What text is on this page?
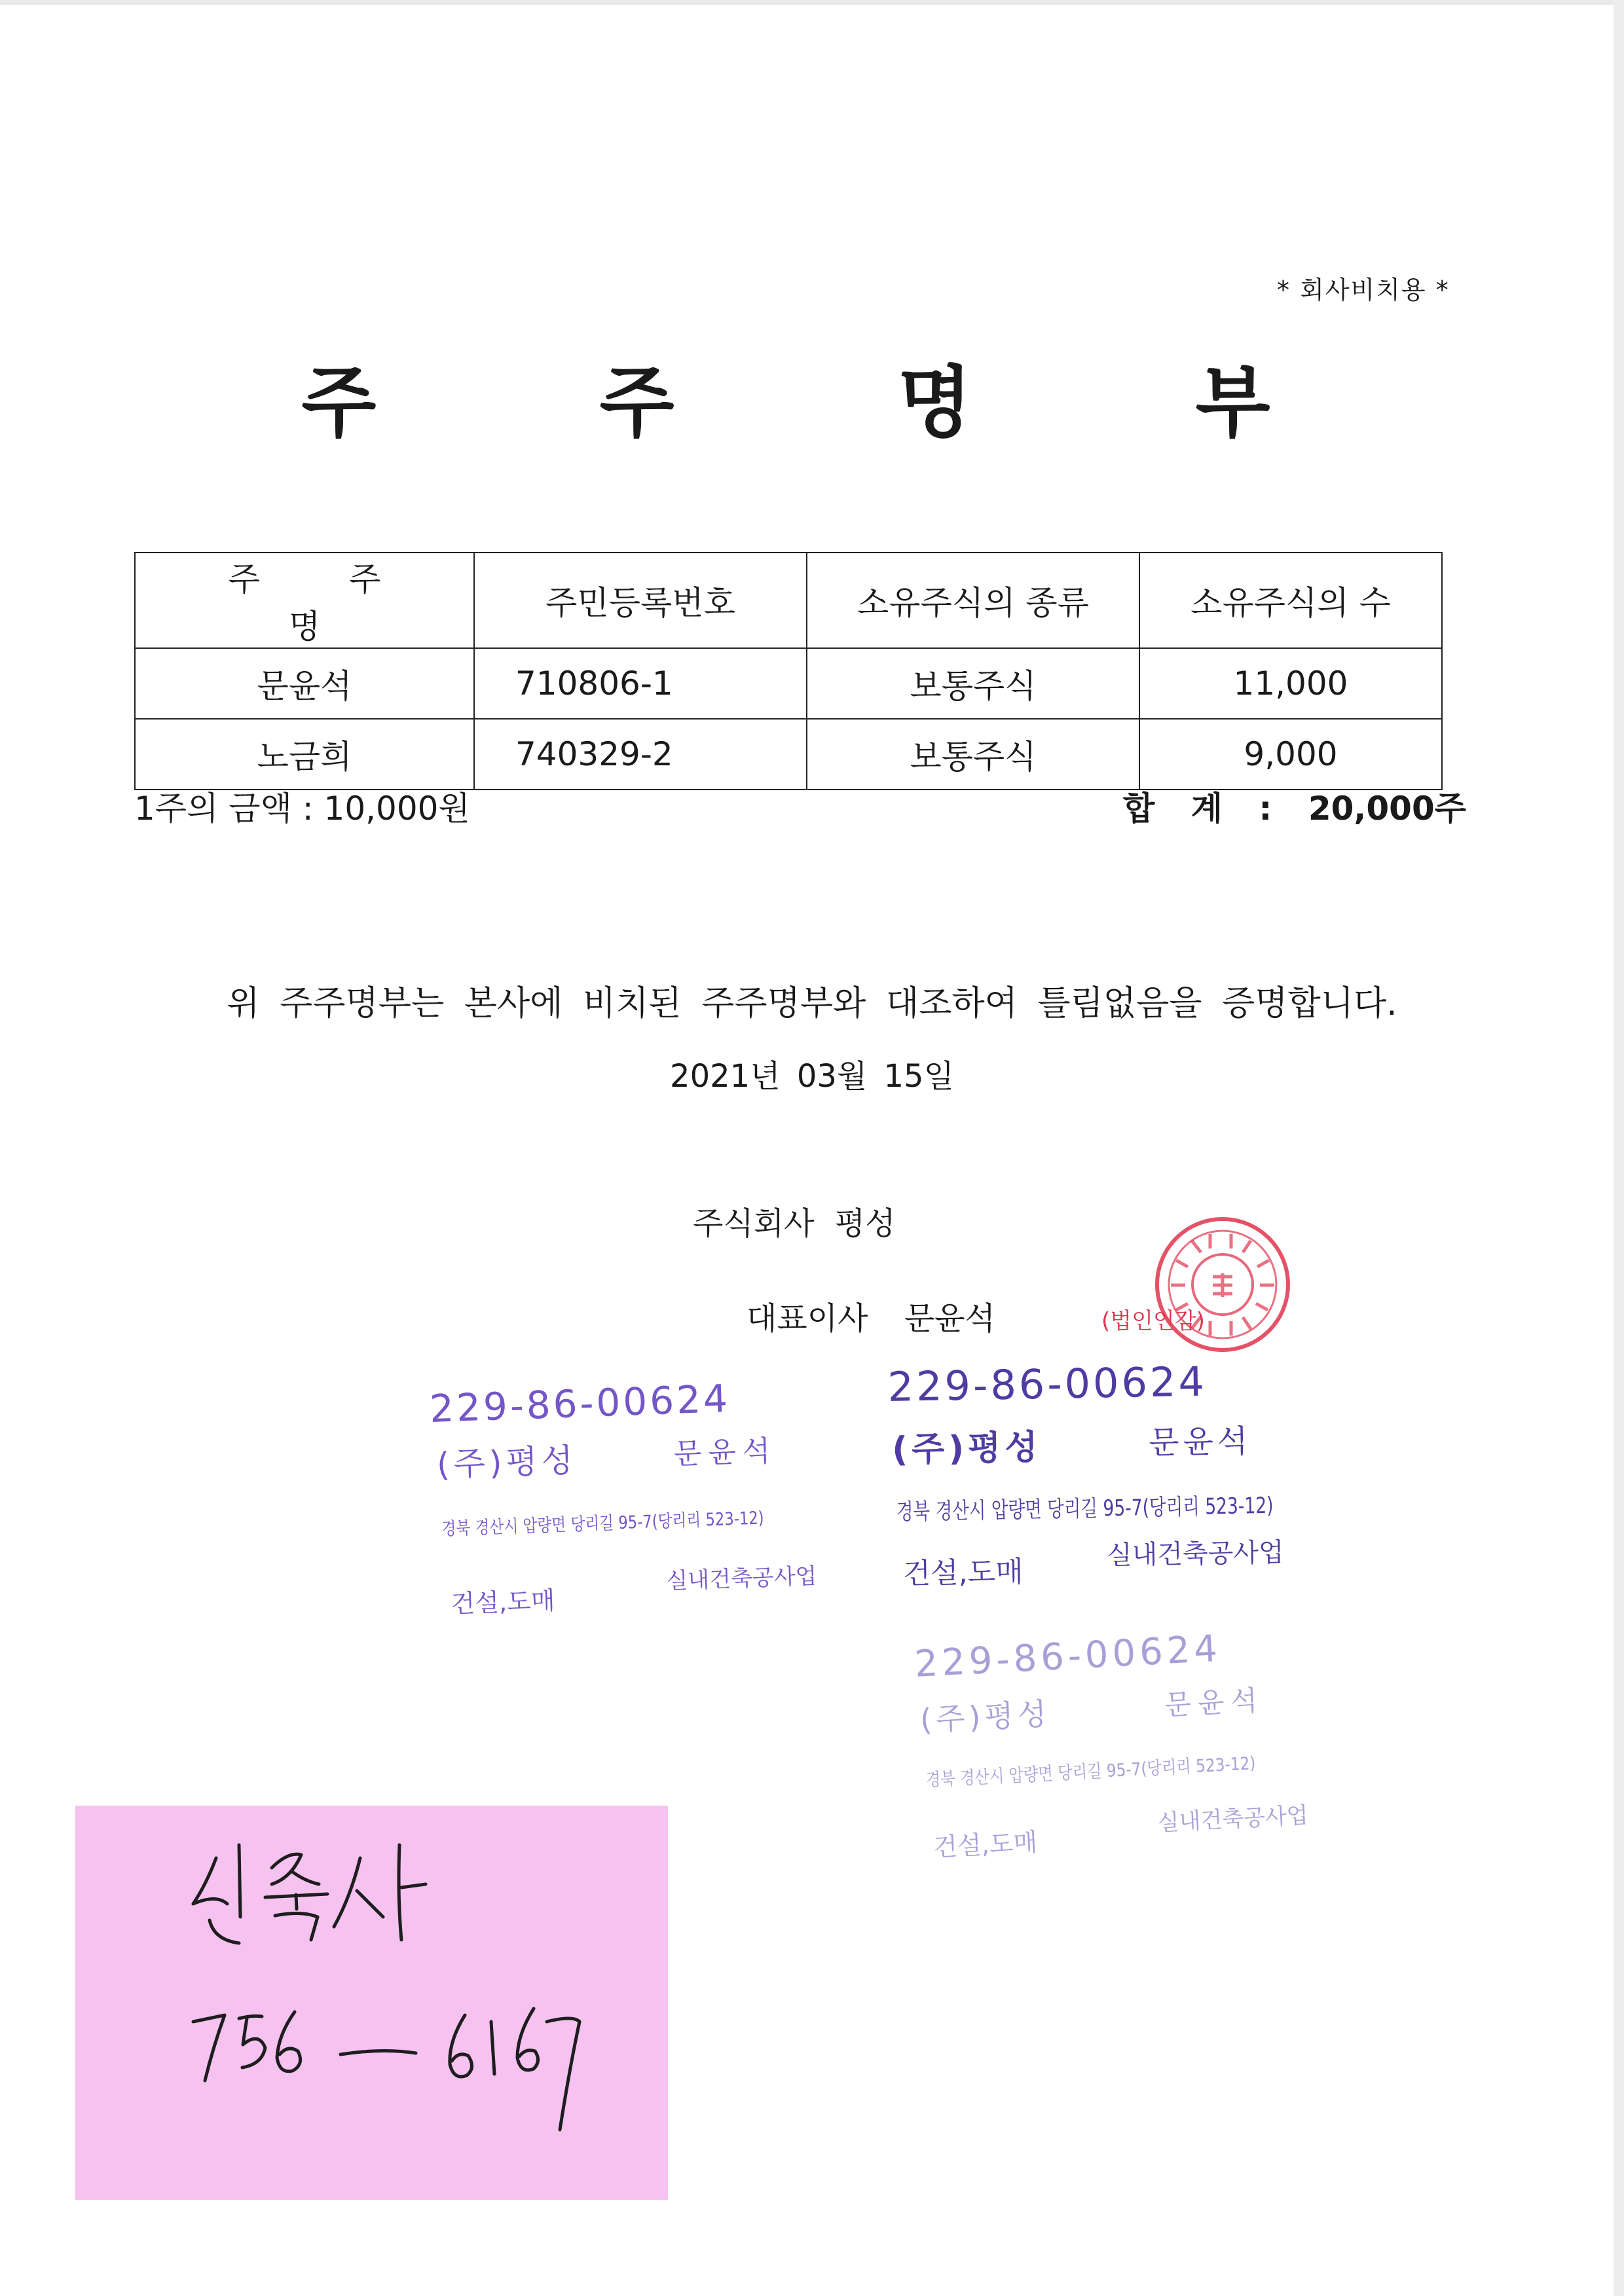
* 회사비치용 *
주 주 명 부
주 주 명	주민등록번호	소유주식의 종류	소유주식의 수
문윤석	710806-1	보통주식	11,000
노금희	740329-2	보통주식	9,000
1주의 금액 : 10,000원	합 계 : 20,000주
위 주주명부는 본사에 비치된 주주명부와 대조하여 틀림없음을 증명합니다.
2021년 03월 15일
주식회사 평성
대표이사 문윤석	(법인인감)
229-86-00624
(주)평성	문윤석
경북 경산시 압량면 당리길 95-7(당리리 523-12)
건설,도매
실내건축공사업
229-86-00624
(주)평성	문윤석
경북 경산시 압량면 당리길 95-7(당리리 523-12)
건설,도매
실내건축공사업
229-86-00624
(주)평성	문윤석
경북 경산시 압량면 당리길 95-7(당리리 523-12)
건설,도매
실내건축공사업
